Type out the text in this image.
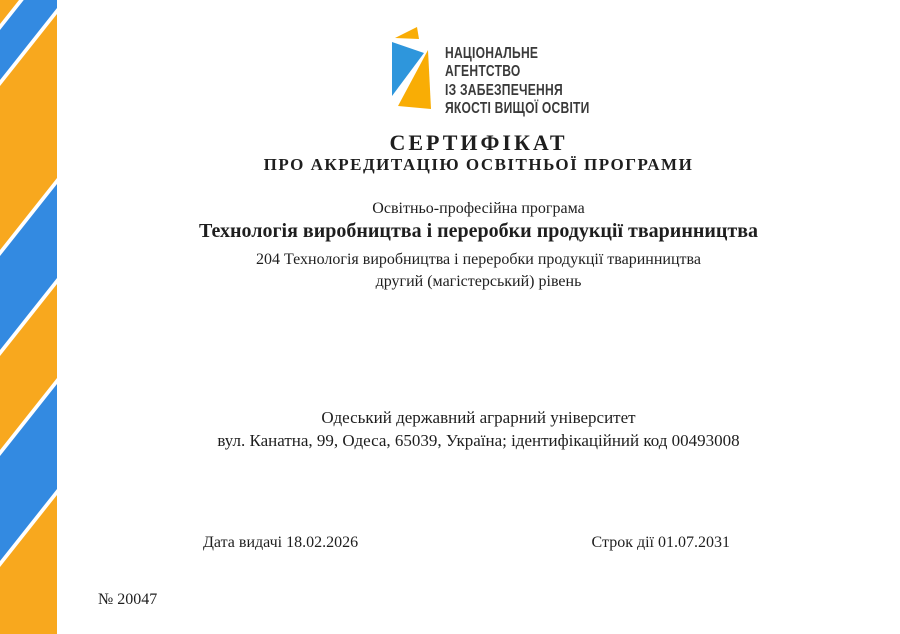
НАЦІОНАЛЬНЕ
АГЕНТСТВО
ІЗ ЗАБЕЗПЕЧЕННЯ
ЯКОСТІ ВИЩОЇ ОСВІТИ
СЕРТИФІКАТ
ПРО АКРЕДИТАЦІЮ ОСВІТНЬОЇ ПРОГРАМИ
Освітньо-професійна програма
Технологія виробництва і переробки продукції тваринництва
204 Технологія виробництва і переробки продукції тваринництва
другий (магістерський) рівень
Одеський державний аграрний університет
вул. Канатна, 99, Одеса, 65039, Україна; ідентифікаційний код 00493008
Дата видачі 18.02.2026	Строк дії 01.07.2031
№ 20047
